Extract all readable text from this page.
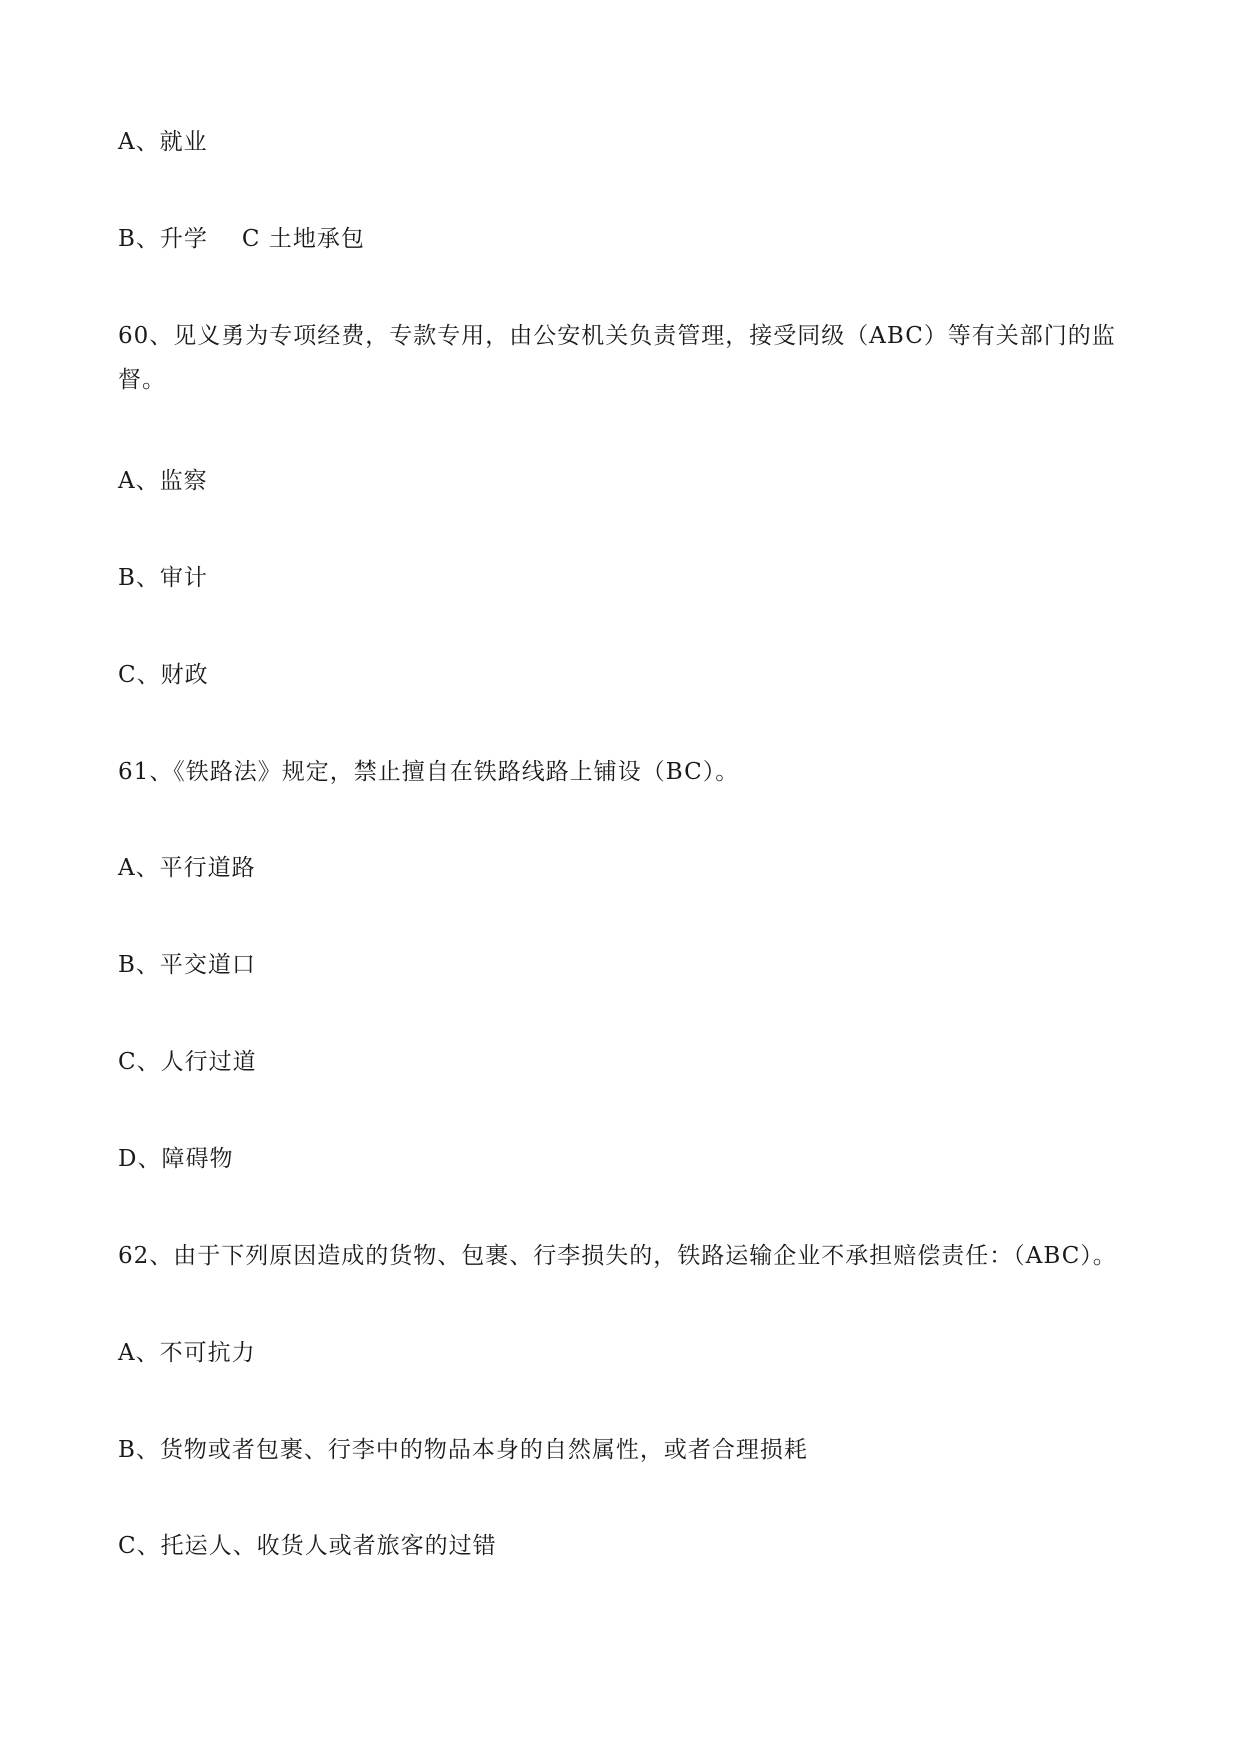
A、就业
B、升学 C 土地承包
60、见义勇为专项经费，专款专用，由公安机关负责管理，接受同级（ABC）等有关部门的监督。
A、监察
B、审计
C、财政
61、《铁路法》规定，禁止擅自在铁路线路上铺设（BC）。
A、平行道路
B、平交道口
C、人行过道
D、障碍物
62、由于下列原因造成的货物、包裹、行李损失的，铁路运输企业不承担赔偿责任：（ABC）。
A、不可抗力
B、货物或者包裹、行李中的物品本身的自然属性，或者合理损耗
C、托运人、收货人或者旅客的过错
